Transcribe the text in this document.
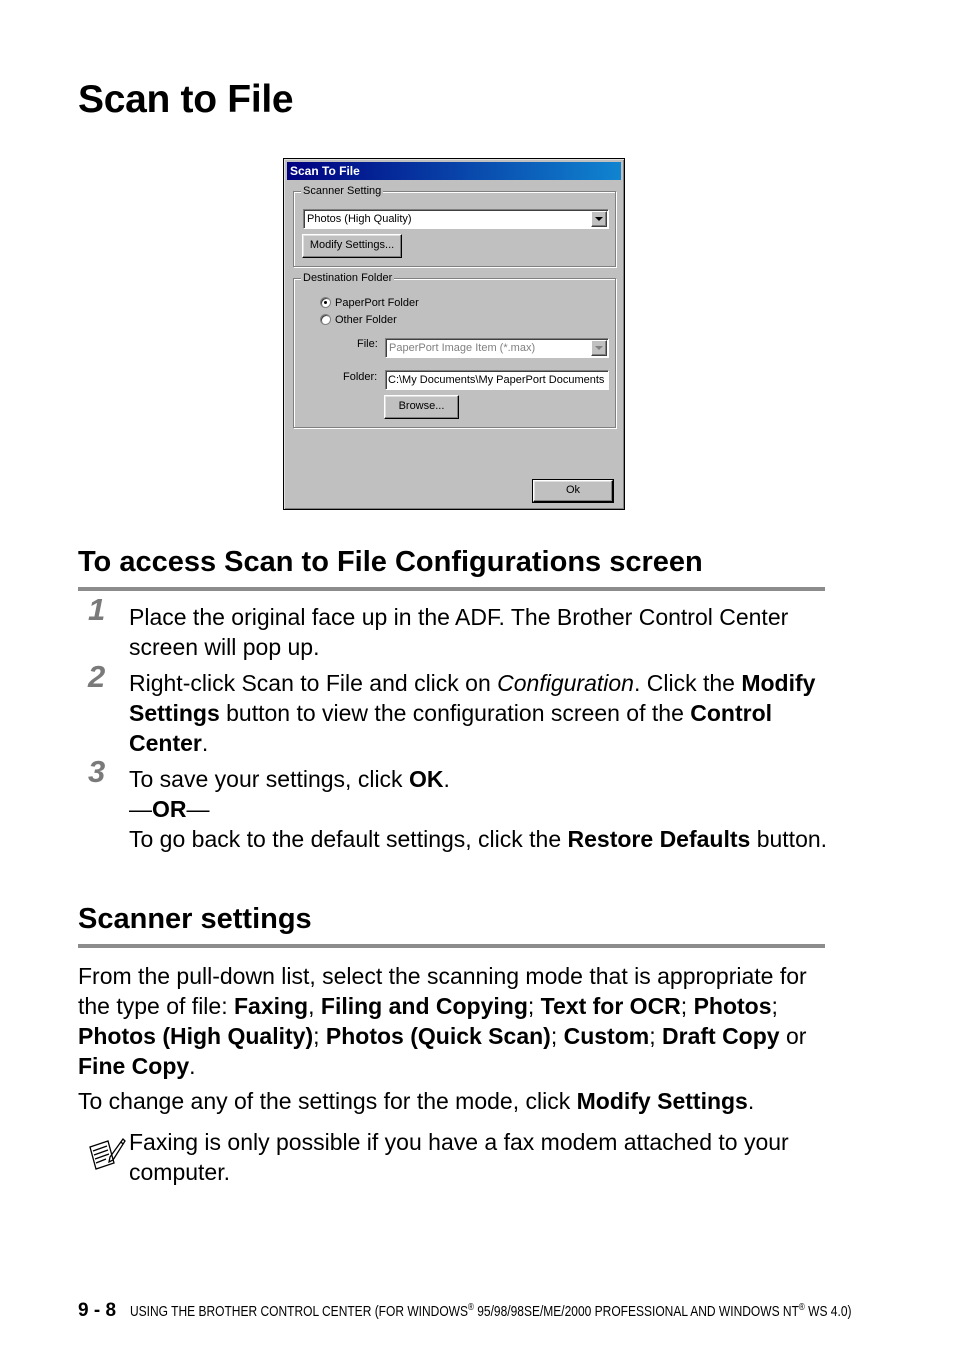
Scan to File
Scan To File
Scanner Setting
Photos (High Quality)
Modify Settings...
Destination Folder
PaperPort Folder
Other Folder
File: PaperPort Image Item (*.max)
Folder: C:\My Documents\My PaperPort Documents
Browse...
Ok
To access Scan to File Configurations screen
1 Place the original face up in the ADF. The Brother Control Center screen will pop up.

2 Right-click Scan to File and click on Configuration. Click the Modify Settings button to view the configuration screen of the Control Center.

3 To save your settings, click OK.
—OR—
To go back to the default settings, click the Restore Defaults button.

Scanner settings

From the pull-down list, select the scanning mode that is appropriate for the type of file: Faxing, Filing and Copying; Text for OCR; Photos; Photos (High Quality); Photos (Quick Scan); Custom; Draft Copy or Fine Copy.

To change any of the settings for the mode, click Modify Settings.

Faxing is only possible if you have a fax modem attached to your computer.

9 - 8 USING THE BROTHER CONTROL CENTER (FOR WINDOWS® 95/98/98SE/ME/2000 PROFESSIONAL AND WINDOWS NT® WS 4.0)
